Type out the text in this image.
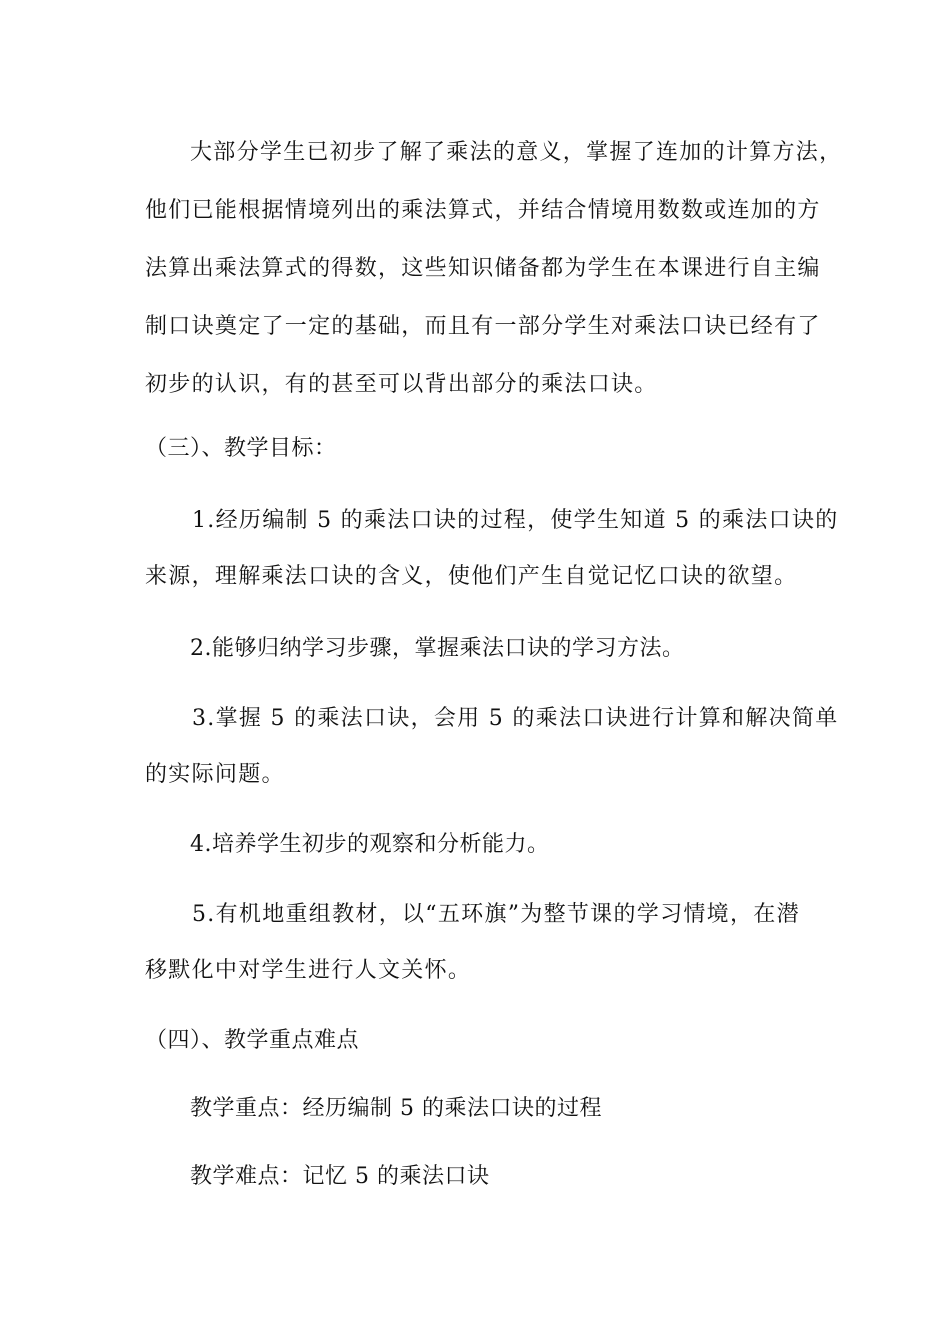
大部分学生已初步了解了乘法的意义，掌握了连加的计算方法，
他们已能根据情境列出的乘法算式，并结合情境用数数或连加的方
法算出乘法算式的得数，这些知识储备都为学生在本课进行自主编
制口诀奠定了一定的基础，而且有一部分学生对乘法口诀已经有了
初步的认识，有的甚至可以背出部分的乘法口诀。
（三）、教学目标：
1.经历编制 5 的乘法口诀的过程，使学生知道 5 的乘法口诀的
来源，理解乘法口诀的含义，使他们产生自觉记忆口诀的欲望。
2.能够归纳学习步骤，掌握乘法口诀的学习方法。
3.掌握 5 的乘法口诀，会用 5 的乘法口诀进行计算和解决简单
的实际问题。
4.培养学生初步的观察和分析能力。
5.有机地重组教材，以“五环旗”为整节课的学习情境，在潜
移默化中对学生进行人文关怀。
（四）、教学重点难点
教学重点：经历编制 5 的乘法口诀的过程
教学难点：记忆 5 的乘法口诀
